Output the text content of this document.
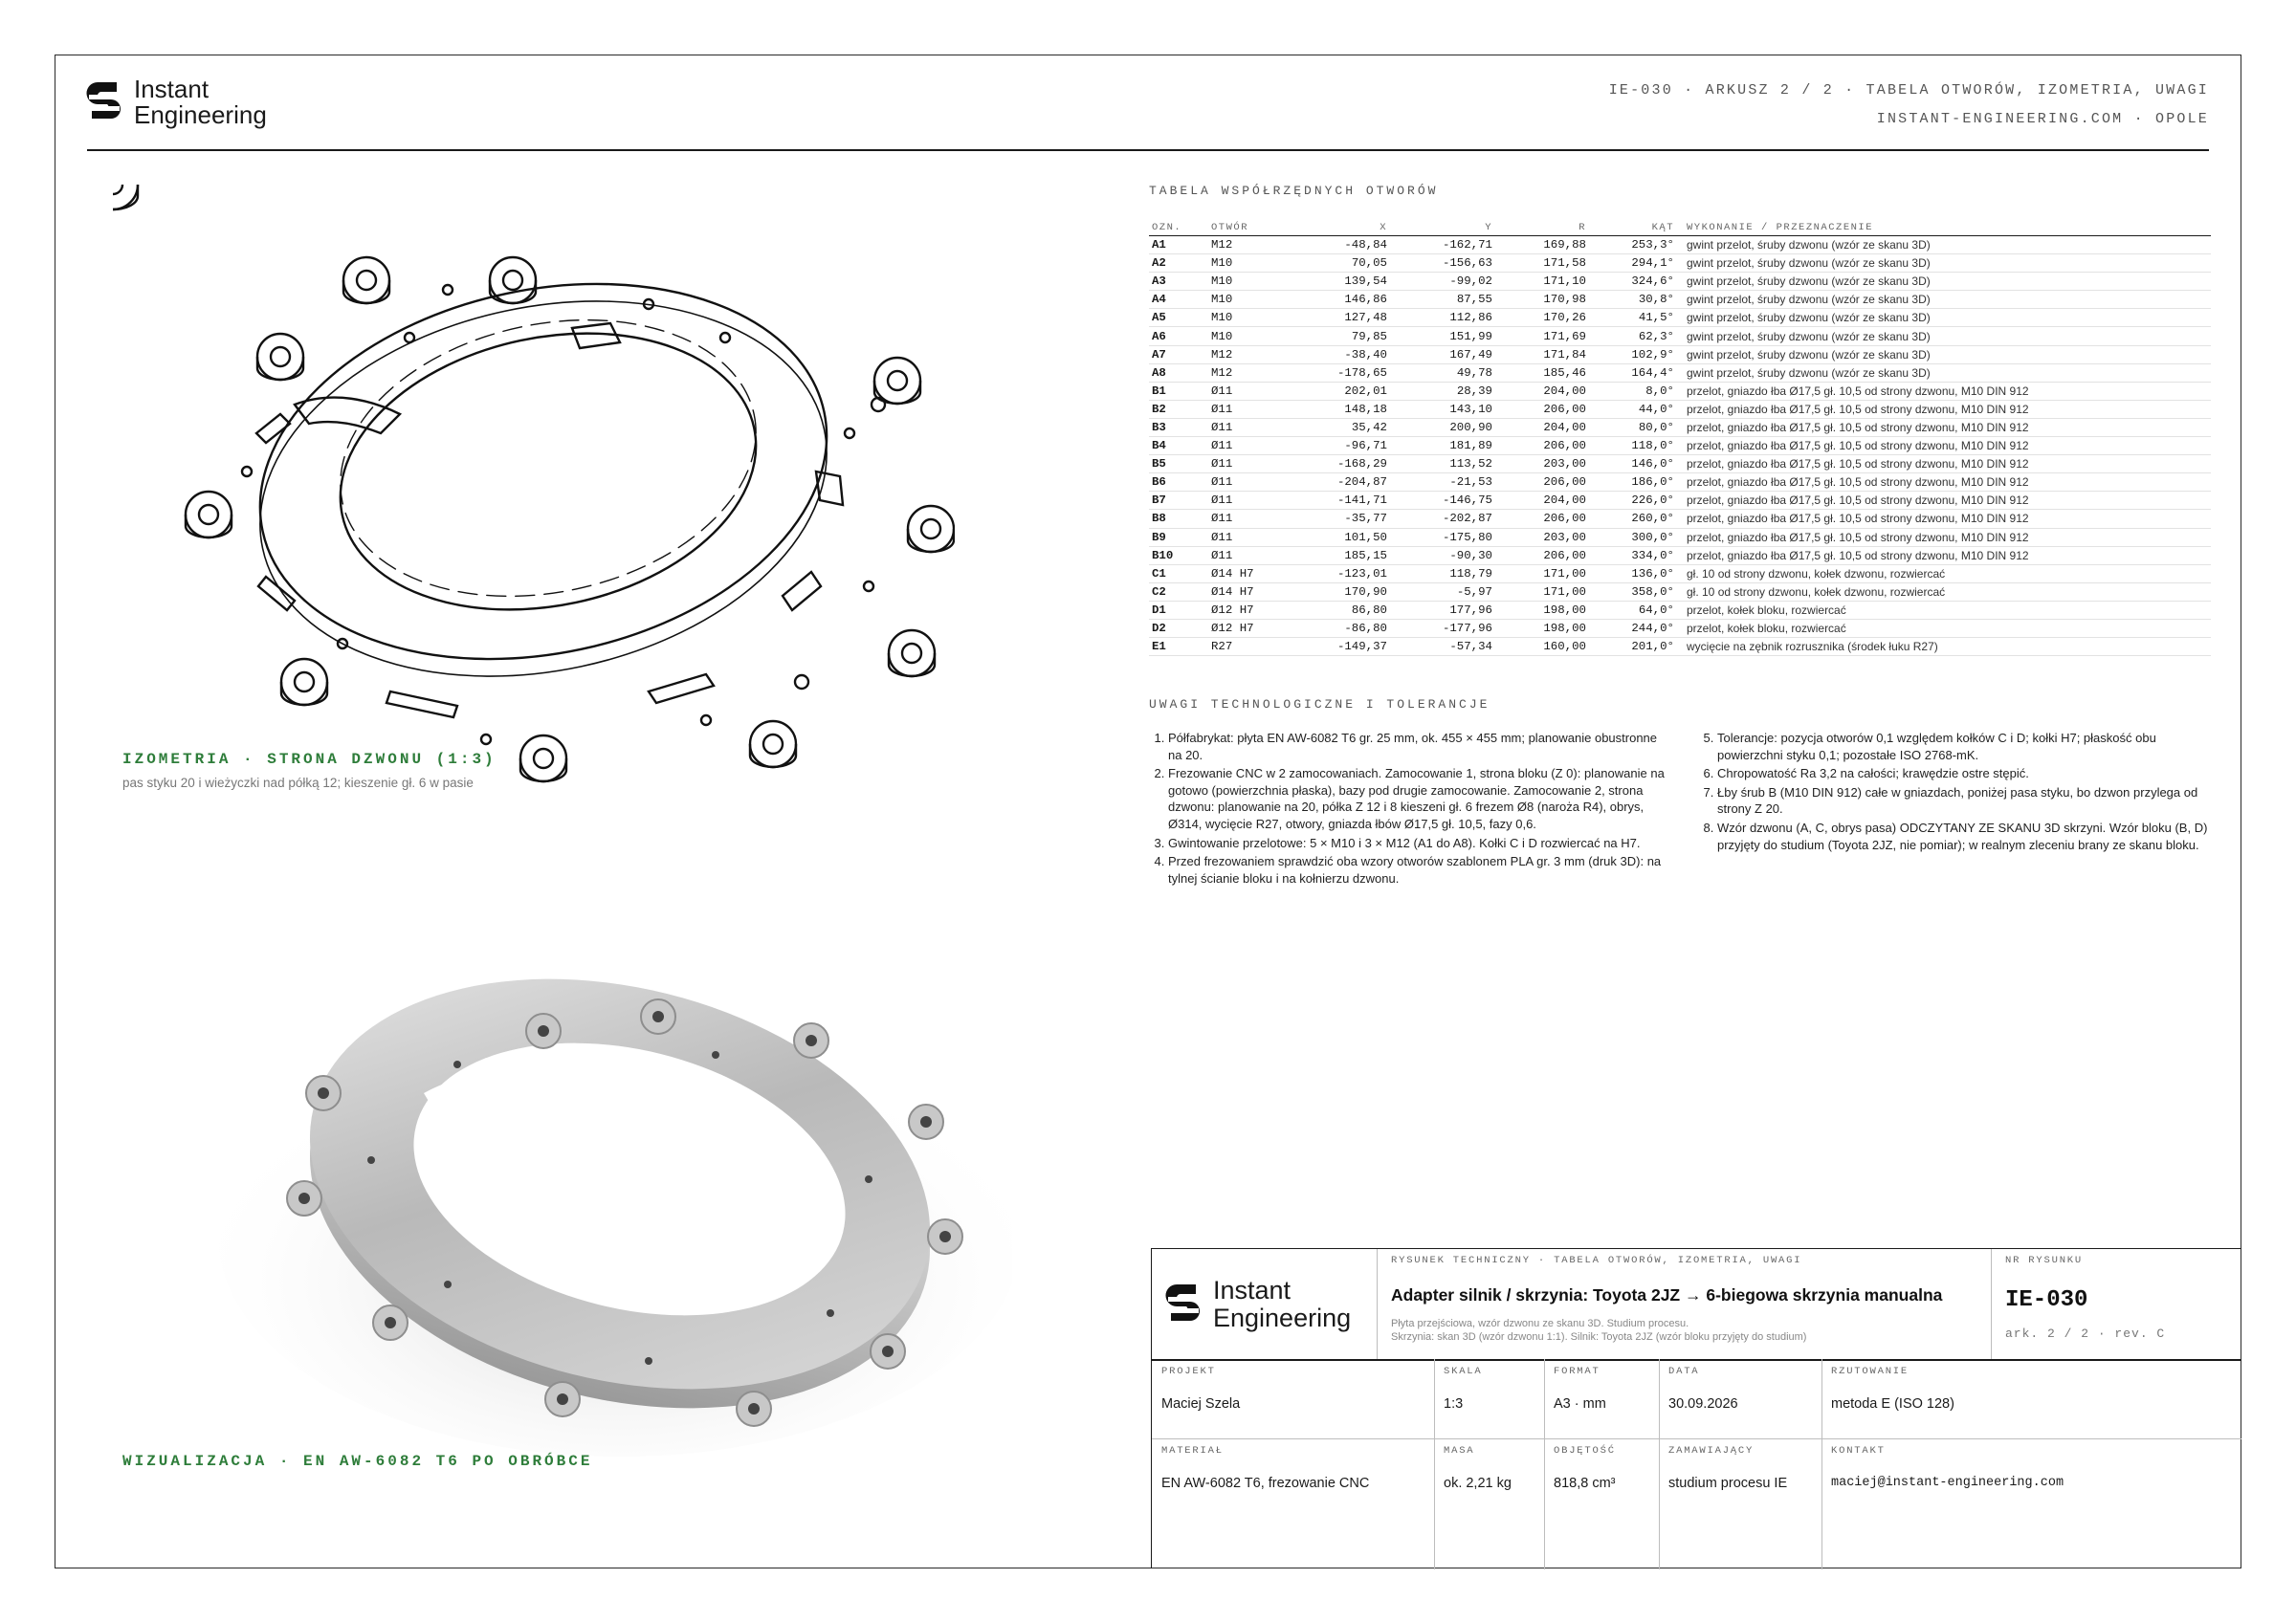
Instant
Engineering
IE-030 · ARKUSZ 2 / 2 · TABELA OTWORÓW, IZOMETRIA, UWAGI
INSTANT-ENGINEERING.COM · OPOLE
IZOMETRIA · STRONA DZWONU (1:3)
pas styku 20 i wieżyczki nad półką 12; kieszenie gł. 6 w pasie
WIZUALIZACJA · EN AW-6082 T6 PO OBRÓBCE
TABELA WSPÓŁRZĘDNYCH OTWORÓW
OZN.	OTWÓR	X	Y	R	KĄT	WYKONANIE / PRZEZNACZENIE
A1	M12	-48,84	-162,71	169,88	253,3°	gwint przelot, śruby dzwonu (wzór ze skanu 3D)
A2	M10	70,05	-156,63	171,58	294,1°	gwint przelot, śruby dzwonu (wzór ze skanu 3D)
A3	M10	139,54	-99,02	171,10	324,6°	gwint przelot, śruby dzwonu (wzór ze skanu 3D)
A4	M10	146,86	87,55	170,98	30,8°	gwint przelot, śruby dzwonu (wzór ze skanu 3D)
A5	M10	127,48	112,86	170,26	41,5°	gwint przelot, śruby dzwonu (wzór ze skanu 3D)
A6	M10	79,85	151,99	171,69	62,3°	gwint przelot, śruby dzwonu (wzór ze skanu 3D)
A7	M12	-38,40	167,49	171,84	102,9°	gwint przelot, śruby dzwonu (wzór ze skanu 3D)
A8	M12	-178,65	49,78	185,46	164,4°	gwint przelot, śruby dzwonu (wzór ze skanu 3D)
B1	Ø11	202,01	28,39	204,00	8,0°	przelot, gniazdo łba Ø17,5 gł. 10,5 od strony dzwonu, M10 DIN 912
B2	Ø11	148,18	143,10	206,00	44,0°	przelot, gniazdo łba Ø17,5 gł. 10,5 od strony dzwonu, M10 DIN 912
B3	Ø11	35,42	200,90	204,00	80,0°	przelot, gniazdo łba Ø17,5 gł. 10,5 od strony dzwonu, M10 DIN 912
B4	Ø11	-96,71	181,89	206,00	118,0°	przelot, gniazdo łba Ø17,5 gł. 10,5 od strony dzwonu, M10 DIN 912
B5	Ø11	-168,29	113,52	203,00	146,0°	przelot, gniazdo łba Ø17,5 gł. 10,5 od strony dzwonu, M10 DIN 912
B6	Ø11	-204,87	-21,53	206,00	186,0°	przelot, gniazdo łba Ø17,5 gł. 10,5 od strony dzwonu, M10 DIN 912
B7	Ø11	-141,71	-146,75	204,00	226,0°	przelot, gniazdo łba Ø17,5 gł. 10,5 od strony dzwonu, M10 DIN 912
B8	Ø11	-35,77	-202,87	206,00	260,0°	przelot, gniazdo łba Ø17,5 gł. 10,5 od strony dzwonu, M10 DIN 912
B9	Ø11	101,50	-175,80	203,00	300,0°	przelot, gniazdo łba Ø17,5 gł. 10,5 od strony dzwonu, M10 DIN 912
B10	Ø11	185,15	-90,30	206,00	334,0°	przelot, gniazdo łba Ø17,5 gł. 10,5 od strony dzwonu, M10 DIN 912
C1	Ø14 H7	-123,01	118,79	171,00	136,0°	gł. 10 od strony dzwonu, kołek dzwonu, rozwiercać
C2	Ø14 H7	170,90	-5,97	171,00	358,0°	gł. 10 od strony dzwonu, kołek dzwonu, rozwiercać
D1	Ø12 H7	86,80	177,96	198,00	64,0°	przelot, kołek bloku, rozwiercać
D2	Ø12 H7	-86,80	-177,96	198,00	244,0°	przelot, kołek bloku, rozwiercać
E1	R27	-149,37	-57,34	160,00	201,0°	wycięcie na zębnik rozrusznika (środek łuku R27)
UWAGI TECHNOLOGICZNE I TOLERANCJE
1. Półfabrykat: płyta EN AW-6082 T6 gr. 25 mm, ok. 455 × 455 mm; planowanie obustronne na 20.
2. Frezowanie CNC w 2 zamocowaniach. Zamocowanie 1, strona bloku (Z 0): planowanie na gotowo (powierzchnia płaska), bazy pod drugie zamocowanie. Zamocowanie 2, strona dzwonu: planowanie na 20, półka Z 12 i 8 kieszeni gł. 6 frezem Ø8 (naroża R4), obrys, Ø314, wycięcie R27, otwory, gniazda łbów Ø17,5 gł. 10,5, fazy 0,6.
3. Gwintowanie przelotowe: 5 × M10 i 3 × M12 (A1 do A8). Kołki C i D rozwiercać na H7.
4. Przed frezowaniem sprawdzić oba wzory otworów szablonem PLA gr. 3 mm (druk 3D): na tylnej ścianie bloku i na kołnierzu dzwonu.
5. Tolerancje: pozycja otworów 0,1 względem kołków C i D; kołki H7; płaskość obu powierzchni styku 0,1; pozostałe ISO 2768-mK.
6. Chropowatość Ra 3,2 na całości; krawędzie ostre stępić.
7. Łby śrub B (M10 DIN 912) całe w gniazdach, poniżej pasa styku, bo dzwon przylega od strony Z 20.
8. Wzór dzwonu (A, C, obrys pasa) ODCZYTANY ZE SKANU 3D skrzyni. Wzór bloku (B, D) przyjęty do studium (Toyota 2JZ, nie pomiar); w realnym zleceniu brany ze skanu bloku.
Instant
Engineering
RYSUNEK TECHNICZNY · TABELA OTWORÓW, IZOMETRIA, UWAGI
Adapter silnik / skrzynia: Toyota 2JZ → 6-biegowa skrzynia manualna
Płyta przejściowa, wzór dzwonu ze skanu 3D. Studium procesu.
Skrzynia: skan 3D (wzór dzwonu 1:1). Silnik: Toyota 2JZ (wzór bloku przyjęty do studium)
NR RYSUNKU
IE-030
ark. 2 / 2 · rev. C
PROJEKT
Maciej Szela
SKALA
1:3
FORMAT
A3 · mm
DATA
30.09.2026
RZUTOWANIE
metoda E (ISO 128)
MATERIAŁ
EN AW-6082 T6, frezowanie CNC
MASA
ok. 2,21 kg
OBJĘTOŚĆ
818,8 cm³
ZAMAWIAJĄCY
studium procesu IE
KONTAKT
maciej@instant-engineering.com
